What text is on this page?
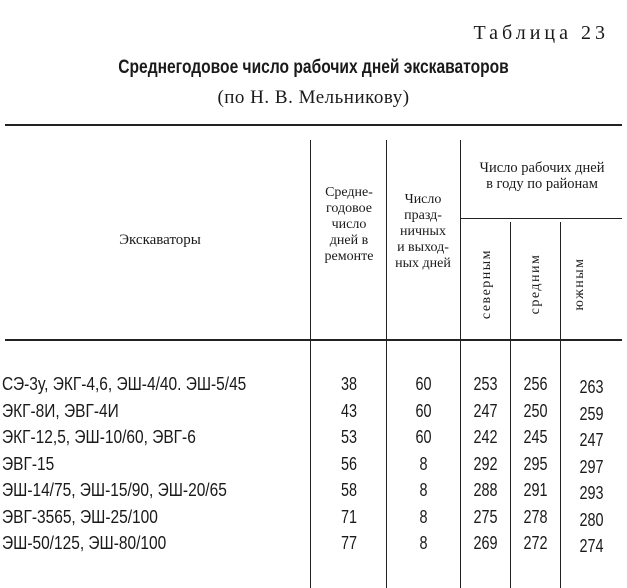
Таблица 23
Среднегодовое число рабочих дней экскаваторов
(по Н. В. Мельникову)
Экскаваторы
Средне-
годовое
число
дней в
ремонте
Число
празд-
ничных
и выход-
ных дней
Число рабочих дней
в году по районам
северным средним южным
СЭ-3у, ЭКГ-4,6, ЭШ-4/40. ЭШ-5/45	38	60	253	256	263
ЭКГ-8И, ЭВГ-4И	43	60	247	250	259
ЭКГ-12,5, ЭШ-10/60, ЭВГ-6	53	60	242	245	247
ЭВГ-15	56	8	292	295	297
ЭШ-14/75, ЭШ-15/90, ЭШ-20/65	58	8	288	291	293
ЭВГ-3565, ЭШ-25/100	71	8	275	278	280
ЭШ-50/125, ЭШ-80/100	77	8	269	272	274
